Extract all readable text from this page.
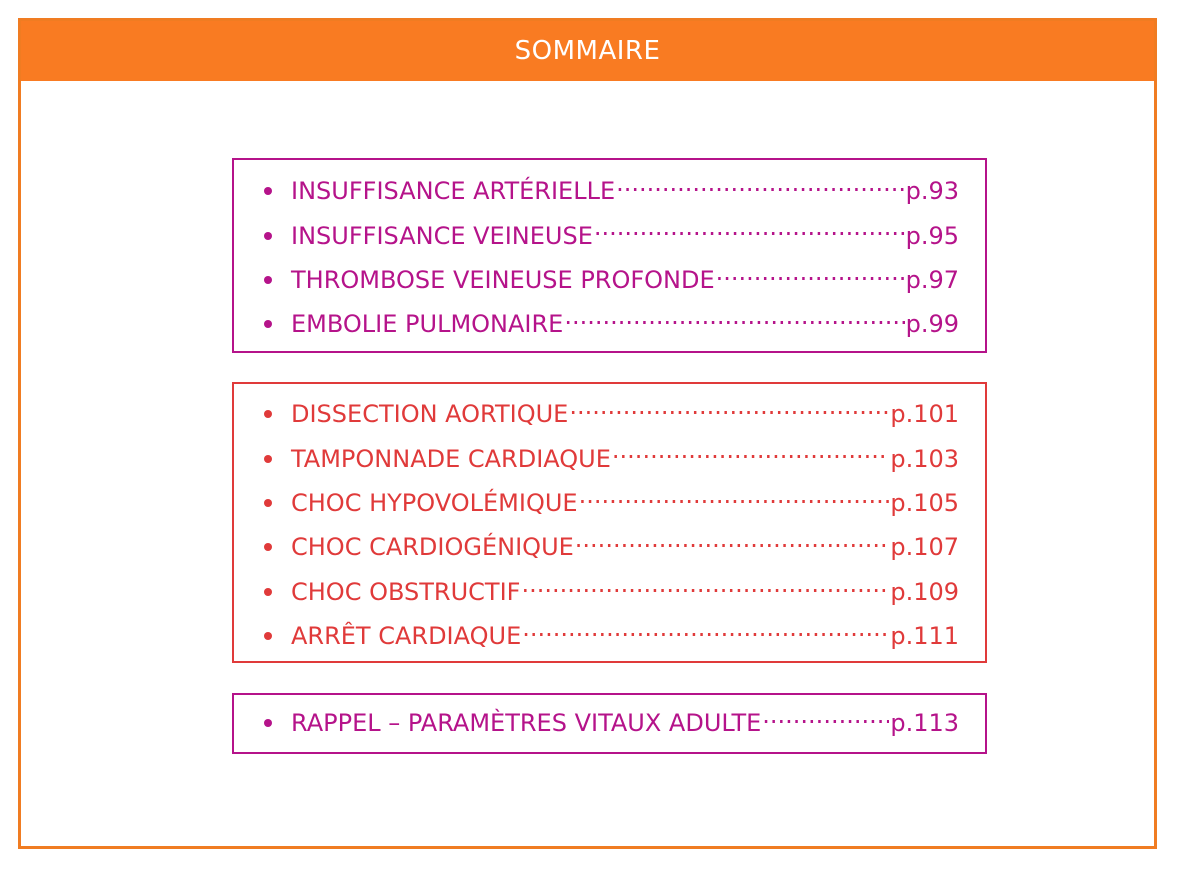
SOMMAIRE
INSUFFISANCE ARTÉRIELLE .....	p.93
INSUFFISANCE VEINEUSE .....	p.95
THROMBOSE VEINEUSE PROFONDE .....	p.97
EMBOLIE PULMONAIRE .....	p.99
DISSECTION AORTIQUE .....	p.101
TAMPONNADE CARDIAQUE .....	p.103
CHOC HYPOVOLÉMIQUE .....	p.105
CHOC CARDIOGÉNIQUE .....	p.107
CHOC OBSTRUCTIF .....	p.109
ARRÊT CARDIAQUE .....	p.111
RAPPEL – PARAMÈTRES VITAUX ADULTE .....	p.113
